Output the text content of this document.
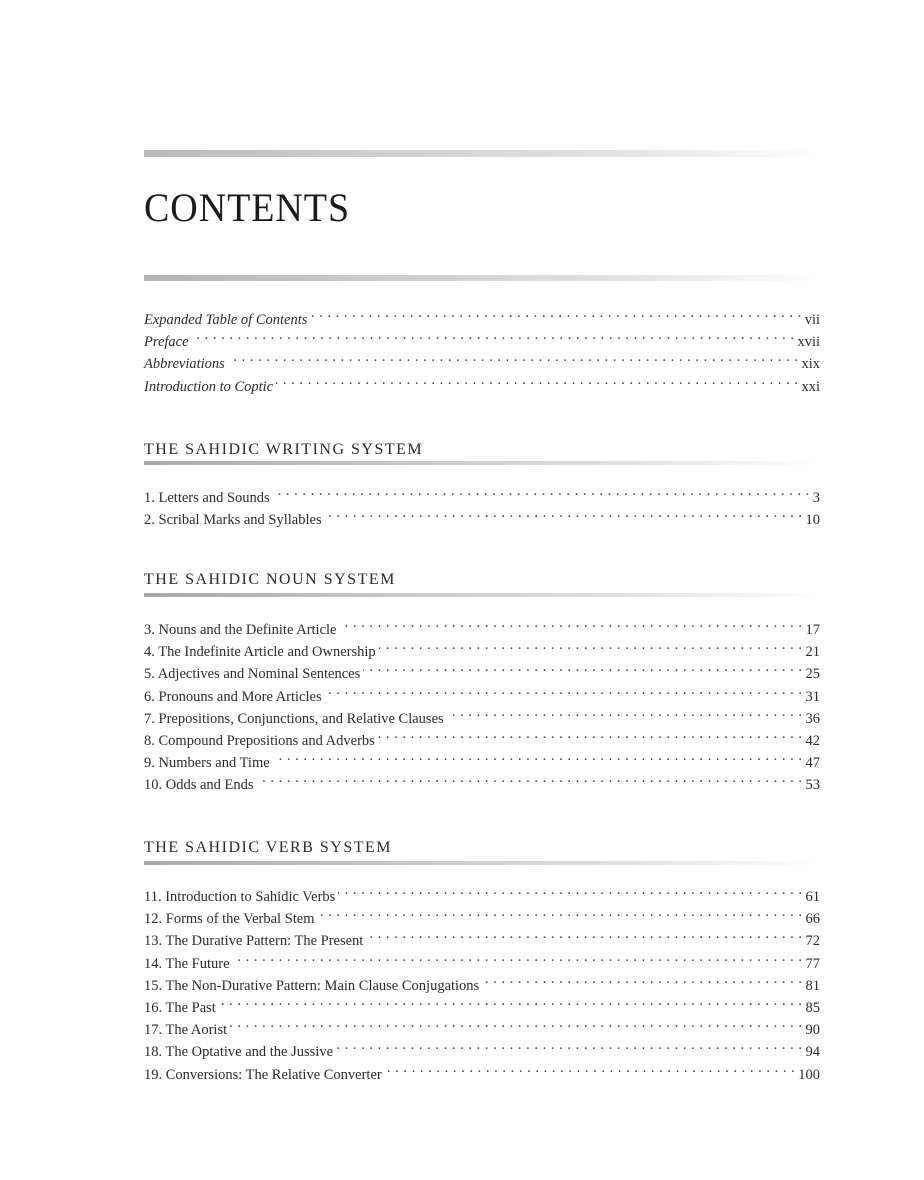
CONTENTS
Expanded Table of Contents . . .	vii
Preface . . .	xvii
Abbreviations . . .	xix
Introduction to Coptic . . .	xxi
THE SAHIDIC WRITING SYSTEM
1. Letters and Sounds . . .	3
2. Scribal Marks and Syllables . . .	10
THE SAHIDIC NOUN SYSTEM
3. Nouns and the Definite Article . . .	17
4. The Indefinite Article and Ownership . . .	21
5. Adjectives and Nominal Sentences . . .	25
6. Pronouns and More Articles . . .	31
7. Prepositions, Conjunctions, and Relative Clauses . . .	36
8. Compound Prepositions and Adverbs . . .	42
9. Numbers and Time . . .	47
10. Odds and Ends . . .	53
THE SAHIDIC VERB SYSTEM
11. Introduction to Sahidic Verbs . . .	61
12. Forms of the Verbal Stem . . .	66
13. The Durative Pattern: The Present . . .	72
14. The Future . . .	77
15. The Non-Durative Pattern: Main Clause Conjugations . . .	81
16. The Past . . .	85
17. The Aorist . . .	90
18. The Optative and the Jussive . . .	94
19. Conversions: The Relative Converter . . .	100
